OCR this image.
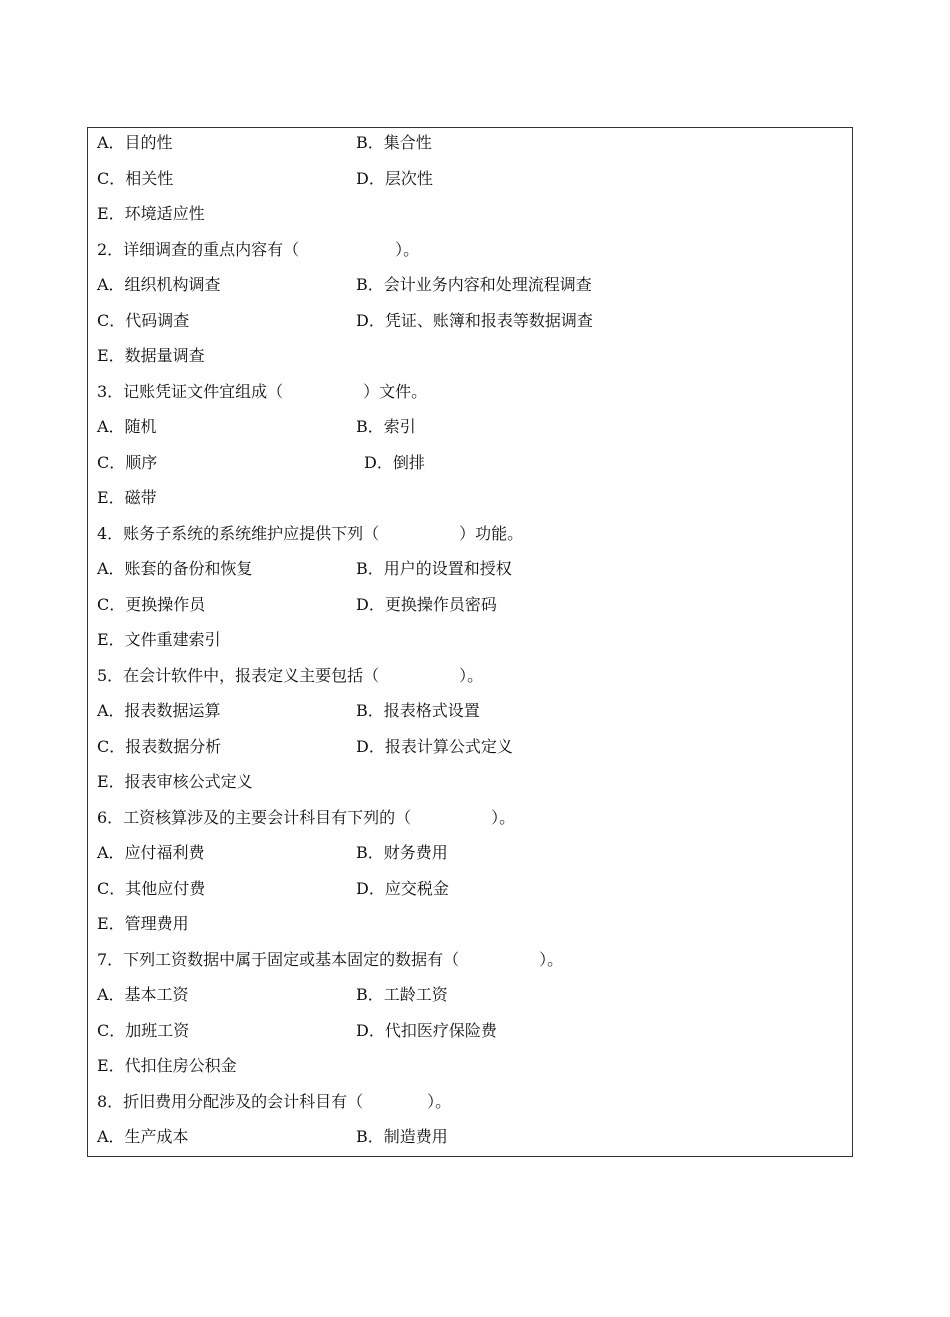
A．目的性	B．集合性
C．相关性	D．层次性
E．环境适应性
2．详细调查的重点内容有（　　　　　　）。
A．组织机构调查	B．会计业务内容和处理流程调查
C．代码调查	D．凭证、账簿和报表等数据调查
E．数据量调查
3．记账凭证文件宜组成（　　　　　）文件。
A．随机	B．索引
C．顺序	D．倒排
E．磁带
4．账务子系统的系统维护应提供下列（　　　　　）功能。
A．账套的备份和恢复	B．用户的设置和授权
C．更换操作员	D．更换操作员密码
E．文件重建索引
5．在会计软件中，报表定义主要包括（　　　　　）。
A．报表数据运算	B．报表格式设置
C．报表数据分析	D．报表计算公式定义
E．报表审核公式定义
6．工资核算涉及的主要会计科目有下列的（　　　　　）。
A．应付福利费	B．财务费用
C．其他应付费	D．应交税金
E．管理费用
7．下列工资数据中属于固定或基本固定的数据有（　　　　　）。
A．基本工资	B．工龄工资
C．加班工资	D．代扣医疗保险费
E．代扣住房公积金
8．折旧费用分配涉及的会计科目有（　　　　）。
A．生产成本	B．制造费用
